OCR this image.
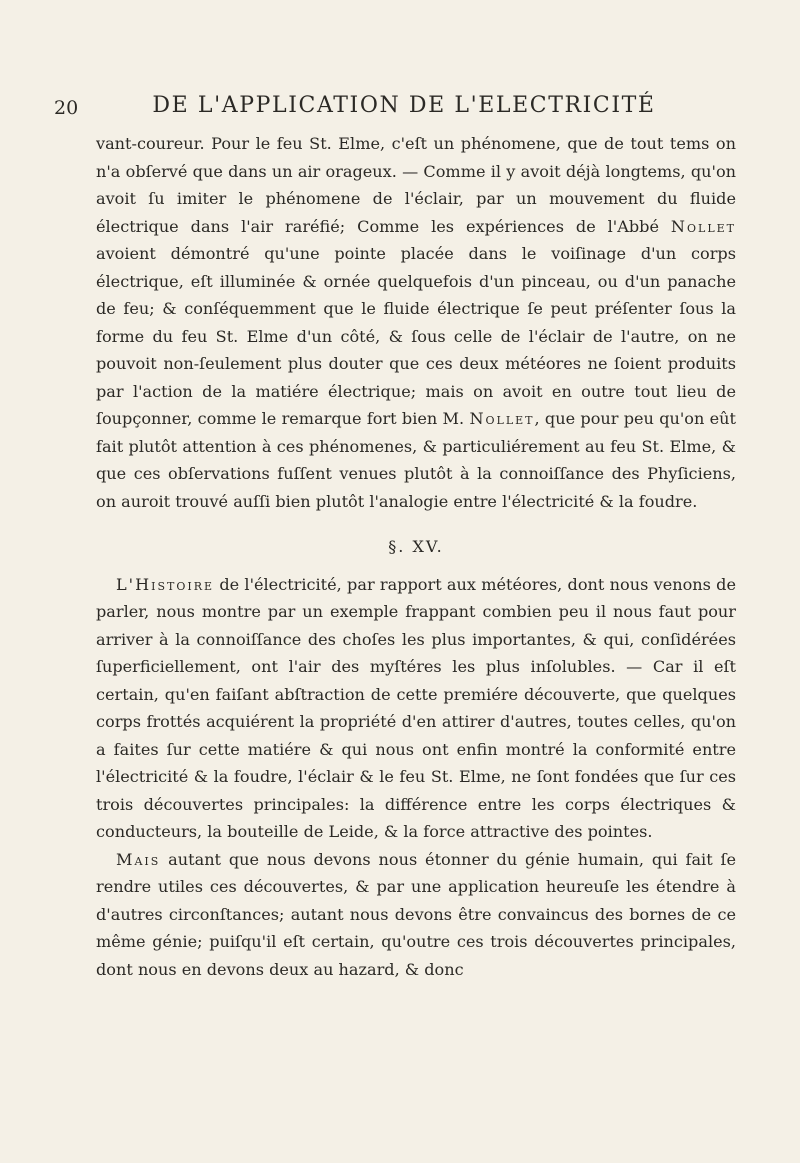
20	DE L'APPLICATION DE L'ELECTRICITÉ

vant-coureur. Pour le feu St. Elme, c'eſt un phénomene, que de tout tems on n'a obſervé que dans un air orageux. — Comme il y avoit déjà longtems, qu'on avoit ſu imiter le phénomene de l'éclair, par un mouvement du fluide électrique dans l'air raréfié; Comme les expériences de l'Abbé Nollet avoient démontré qu'une pointe placée dans le voiſinage d'un corps électrique, eſt illuminée & ornée quelquefois d'un pinceau, ou d'un panache de feu; & conſéquemment que le fluide électrique ſe peut préſenter ſous la forme du feu St. Elme d'un côté, & ſous celle de l'éclair de l'autre, on ne pouvoit non-ſeulement plus douter que ces deux météores ne ſoient produits par l'action de la matiére électrique; mais on avoit en outre tout lieu de ſoupçonner, comme le remarque fort bien M. Nollet, que pour peu qu'on eût fait plutôt attention à ces phénomenes, & particuliérement au feu St. Elme, & que ces obſervations fuſſent venues plutôt à la connoiſſance des Phyſiciens, on auroit trouvé auſſi bien plutôt l'analogie entre l'électricité & la foudre.

§. XV.

L'Histoire de l'électricité, par rapport aux météores, dont nous venons de parler, nous montre par un exemple frappant combien peu il nous faut pour arriver à la connoiſſance des choſes les plus importantes, & qui, conſidérées ſuperficiellement, ont l'air des myſtéres les plus inſolubles. — Car il eſt certain, qu'en faiſant abſtraction de cette premiére découverte, que quelques corps frottés acquiérent la propriété d'en attirer d'autres, toutes celles, qu'on a faites ſur cette matiére & qui nous ont enfin montré la conformité entre l'électricité & la foudre, l'éclair & le feu St. Elme, ne ſont fondées que ſur ces trois découvertes principales: la différence entre les corps électriques & conducteurs, la bouteille de Leide, & la force attractive des pointes.

Mais autant que nous devons nous étonner du génie humain, qui fait ſe rendre utiles ces découvertes, & par une application heureuſe les étendre à d'autres circonſtances; autant nous devons être convaincus des bornes de ce même génie; puiſqu'il eſt certain, qu'outre ces trois découvertes principales, dont nous en devons deux au hazard, & donc
